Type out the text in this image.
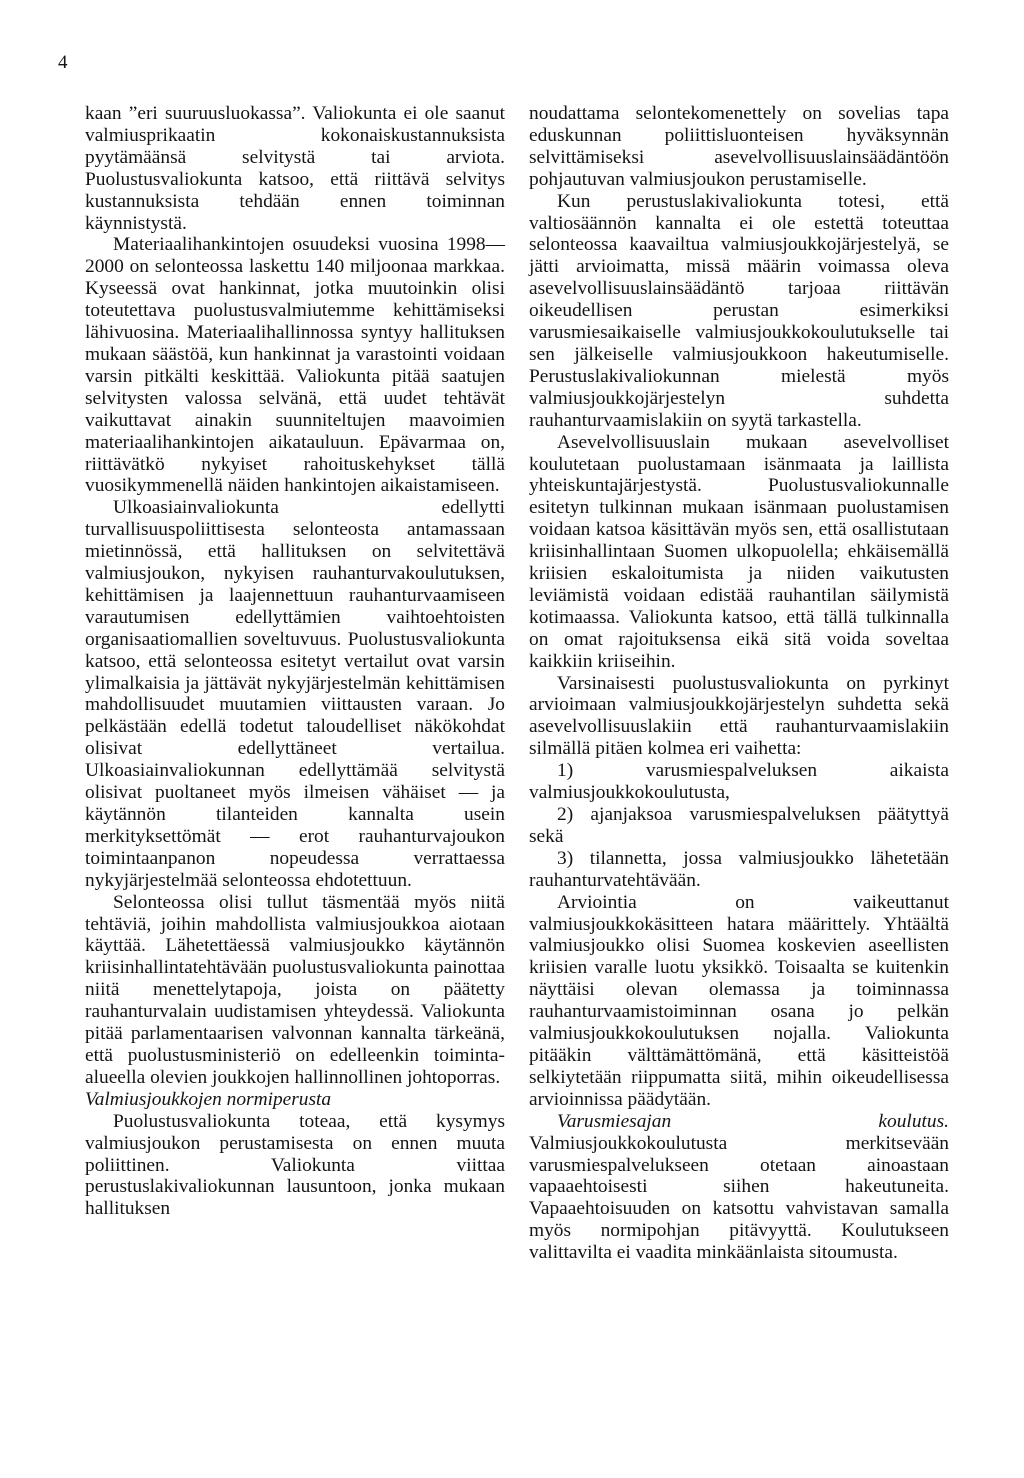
4

kaan ”eri suuruusluokassa”. Valiokunta ei ole saanut valmiusprikaatin kokonaiskustannuksista pyytämäänsä selvitystä tai arviota. Puolustusvaliokunta katsoo, että riittävä selvitys kustannuksista tehdään ennen toiminnan käynnistystä.

Materiaalihankintojen osuudeksi vuosina 1998—2000 on selonteossa laskettu 140 miljoonaa markkaa. Kyseessä ovat hankinnat, jotka muutoinkin olisi toteutettava puolustusvalmiutemme kehittämiseksi lähivuosina. Materiaalihallinnossa syntyy hallituksen mukaan säästöä, kun hankinnat ja varastointi voidaan varsin pitkälti keskittää. Valiokunta pitää saatujen selvitysten valossa selvänä, että uudet tehtävät vaikuttavat ainakin suunniteltujen maavoimien materiaalihankintojen aikatauluun. Epävarmaa on, riittävätkö nykyiset rahoituskehykset tällä vuosikymmenellä näiden hankintojen aikaistamiseen.

Ulkoasiainvaliokunta edellytti turvallisuuspoliittisesta selonteosta antamassaan mietinnössä, että hallituksen on selvitettävä valmiusjoukon, nykyisen rauhanturvakoulutuksen, kehittämisen ja laajennettuun rauhanturvaamiseen varautumisen edellyttämien vaihtoehtoisten organisaatiomallien soveltuvuus. Puolustusvaliokunta katsoo, että selonteossa esitetyt vertailut ovat varsin ylimalkaisia ja jättävät nykyjärjestelmän kehittämisen mahdollisuudet muutamien viittausten varaan. Jo pelkästään edellä todetut taloudelliset näkökohdat olisivat edellyttäneet vertailua. Ulkoasiainvaliokunnan edellyttämää selvitystä olisivat puoltaneet myös ilmeisen vähäiset — ja käytännön tilanteiden kannalta usein merkityksettömät — erot rauhanturvajoukon toimintaanpanon nopeudessa verrattaessa nykyjärjestelmää selonteossa ehdotettuun.

Selonteossa olisi tullut täsmentää myös niitä tehtäviä, joihin mahdollista valmiusjoukkoa aiotaan käyttää. Lähetettäessä valmiusjoukko käytännön kriisinhallintatehtävään puolustusvaliokunta painottaa niitä menettelytapoja, joista on päätetty rauhanturvalain uudistamisen yhteydessä. Valiokunta pitää parlamentaarisen valvonnan kannalta tärkeänä, että puolustusministeriö on edelleenkin toiminta-alueella olevien joukkojen hallinnollinen johtoporras.

Valmiusjoukkojen normiperusta

Puolustusvaliokunta toteaa, että kysymys valmiusjoukon perustamisesta on ennen muuta poliittinen. Valiokunta viittaa perustuslakivaliokunnan lausuntoon, jonka mukaan hallituksen

noudattama selontekomenettely on sovelias tapa eduskunnan poliittisluonteisen hyväksynnän selvittämiseksi asevelvollisuuslainsäädäntöön pohjautuvan valmiusjoukon perustamiselle.

Kun perustuslakivaliokunta totesi, että valtiosäännön kannalta ei ole estettä toteuttaa selonteossa kaavailtua valmiusjoukkojärjestelyä, se jätti arvioimatta, missä määrin voimassa oleva asevelvollisuuslainsäädäntö tarjoaa riittävän oikeudellisen perustan esimerkiksi varusmiesaikaiselle valmiusjoukkokoulutukselle tai sen jälkeiselle valmiusjoukkoon hakeutumiselle. Perustuslakivaliokunnan mielestä myös valmiusjoukkojärjestelyn suhdetta rauhanturvaamislakiin on syytä tarkastella.

Asevelvollisuuslain mukaan asevelvolliset koulutetaan puolustamaan isänmaata ja laillista yhteiskuntajärjestystä. Puolustusvaliokunnalle esitetyn tulkinnan mukaan isänmaan puolustamisen voidaan katsoa käsittävän myös sen, että osallistutaan kriisinhallintaan Suomen ulkopuolella; ehkäisemällä kriisien eskaloitumista ja niiden vaikutusten leviämistä voidaan edistää rauhantilan säilymistä kotimaassa. Valiokunta katsoo, että tällä tulkinnalla on omat rajoituksensa eikä sitä voida soveltaa kaikkiin kriiseihin.

Varsinaisesti puolustusvaliokunta on pyrkinyt arvioimaan valmiusjoukkojärjestelyn suhdetta sekä asevelvollisuuslakiin että rauhanturvaamislakiin silmällä pitäen kolmea eri vaihetta:

1) varusmiespalveluksen aikaista valmiusjoukkokoulutusta,

2) ajanjaksoa varusmiespalveluksen päätyttyä sekä

3) tilannetta, jossa valmiusjoukko lähetetään rauhanturvatehtävään.

Arviointia on vaikeuttanut valmiusjoukkokäsitteen hatara määrittely. Yhtäältä valmiusjoukko olisi Suomea koskevien aseellisten kriisien varalle luotu yksikkö. Toisaalta se kuitenkin näyttäisi olevan olemassa ja toiminnassa rauhanturvaamistoiminnan osana jo pelkän valmiusjoukkokoulutuksen nojalla. Valiokunta pitääkin välttämättömänä, että käsitteistöä selkiytetään riippumatta siitä, mihin oikeudellisessa arvioinnissa päädytään.

Varusmiesajan koulutus. Valmiusjoukkokoulutusta merkitsevään varusmiespalvelukseen otetaan ainoastaan vapaaehtoisesti siihen hakeutuneita. Vapaaehtoisuuden on katsottu vahvistavan samalla myös normipohjan pitävyyttä. Koulutukseen valittavilta ei vaadita minkäänlaista sitoumusta.
